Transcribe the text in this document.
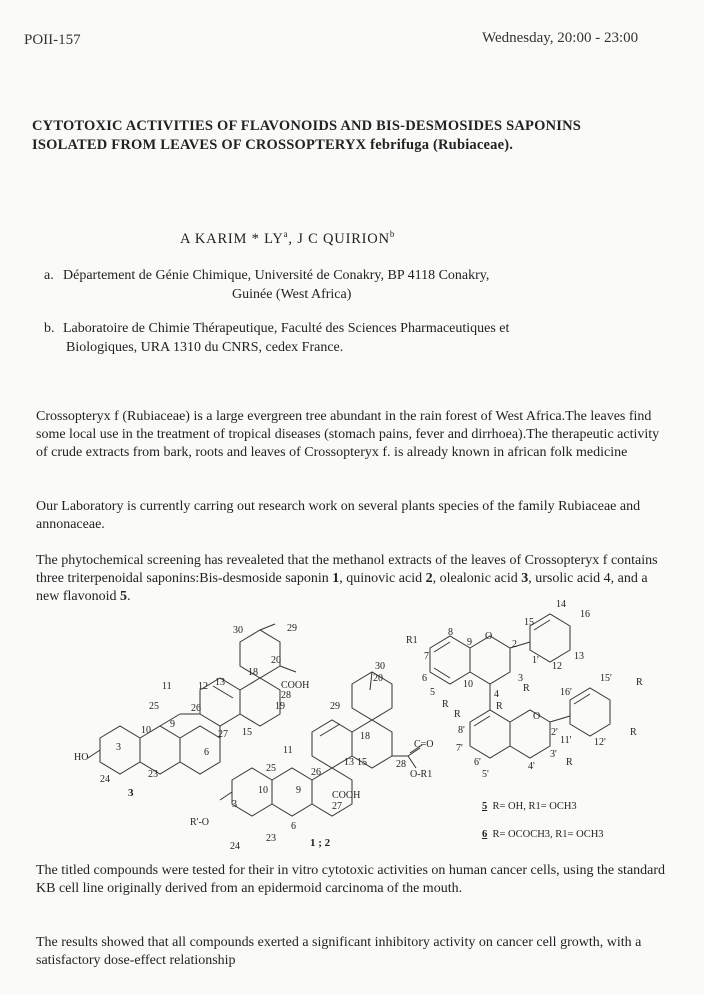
POII-157	Wednesday, 20:00 - 23:00
CYTOTOXIC ACTIVITIES OF FLAVONOIDS AND BIS-DESMOSIDES SAPONINS
ISOLATED FROM LEAVES OF CROSSOPTERYX febrifuga (Rubiaceae).
A KARIM * $LY^a$, J C QUIRION$^b$
a. Département de Génie Chimique, Université de Conakry, BP 4118 Conakry,
Guinée (West Africa)
b. Laboratoire de Chimie Thérapeutique, Faculté des Sciences Pharmaceutiques et
Biologiques, URA 1310 du CNRS, cedex France.
Crossopteryx f (Rubiaceae) is a large evergreen tree abundant in the rain forest of West Africa.The leaves find some local use in the treatment of tropical diseases (stomach pains, fever and dirrhoea).The therapeutic activity of crude extracts from bark, roots and leaves of Crossopteryx f. is already known in african folk medicine
Our Laboratory is currently carring out research work on several plants species of the family Rubiaceae and annonaceae.
The phytochemical screening has revealeted that the methanol extracts of the leaves of Crossopteryx f contains three triterpenoidal saponins:Bis-desmoside saponin 1, quinovic acid 2, olealonic acid 3, ursolic acid 4, and a new flavonoid 5.
30	29
20
18
19
13
12
11
25	26
9
10
3
HO
24	23
6
27 15
COOH
28
3
30
29
20
18
13
11
25	26
10	9
3
R'-O
24
23
6
27
15
COOH
28
C=O
O-R1
1 ; 2
R1
7
6
5
R
8
9
10
O
2
3
4
R
1'
12
13
14
15
16
R
8'
7'
6'
5'
R	O
2'
3'
4'	R
11' 12'
15'
16'
R
R
5 R= OH, R1= OCH3
6 R= OCOCH3, R1= OCH3
The titled compounds were tested for their in vitro cytotoxic activities on human cancer cells, using the standard KB cell line originally derived from an epidermoid carcinoma of the mouth.
The results showed that all compounds exerted a significant inhibitory activity on cancer cell growth, with a satisfactory dose-effect relationship
